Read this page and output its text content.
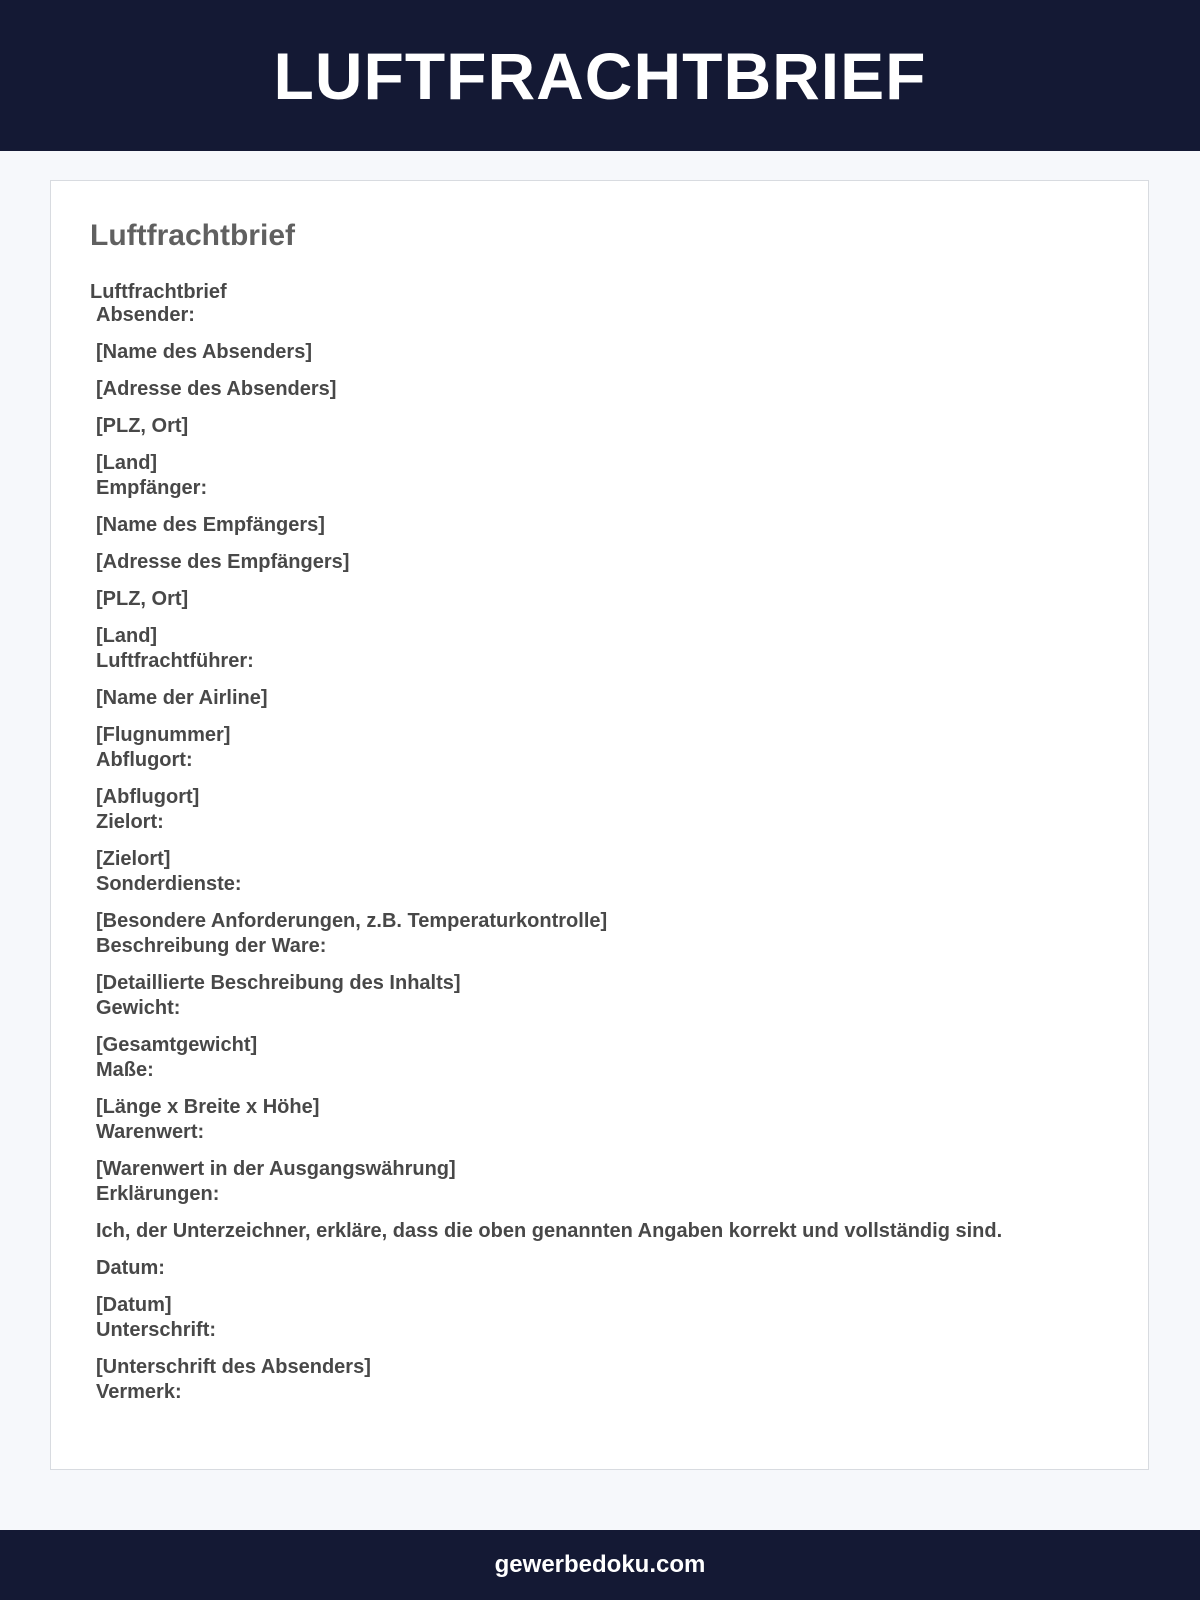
LUFTFRACHTBRIEF
Luftfrachtbrief
Luftfrachtbrief
Absender:
[Name des Absenders]
[Adresse des Absenders]
[PLZ, Ort]
[Land]
Empfänger:
[Name des Empfängers]
[Adresse des Empfängers]
[PLZ, Ort]
[Land]
Luftfrachtführer:
[Name der Airline]
[Flugnummer]
Abflugort:
[Abflugort]
Zielort:
[Zielort]
Sonderdienste:
[Besondere Anforderungen, z.B. Temperaturkontrolle]
Beschreibung der Ware:
[Detaillierte Beschreibung des Inhalts]
Gewicht:
[Gesamtgewicht]
Maße:
[Länge x Breite x Höhe]
Warenwert:
[Warenwert in der Ausgangswährung]
Erklärungen:
Ich, der Unterzeichner, erkläre, dass die oben genannten Angaben korrekt und vollständig sind.
Datum:
[Datum]
Unterschrift:
[Unterschrift des Absenders]
Vermerk:
gewerbedoku.com
